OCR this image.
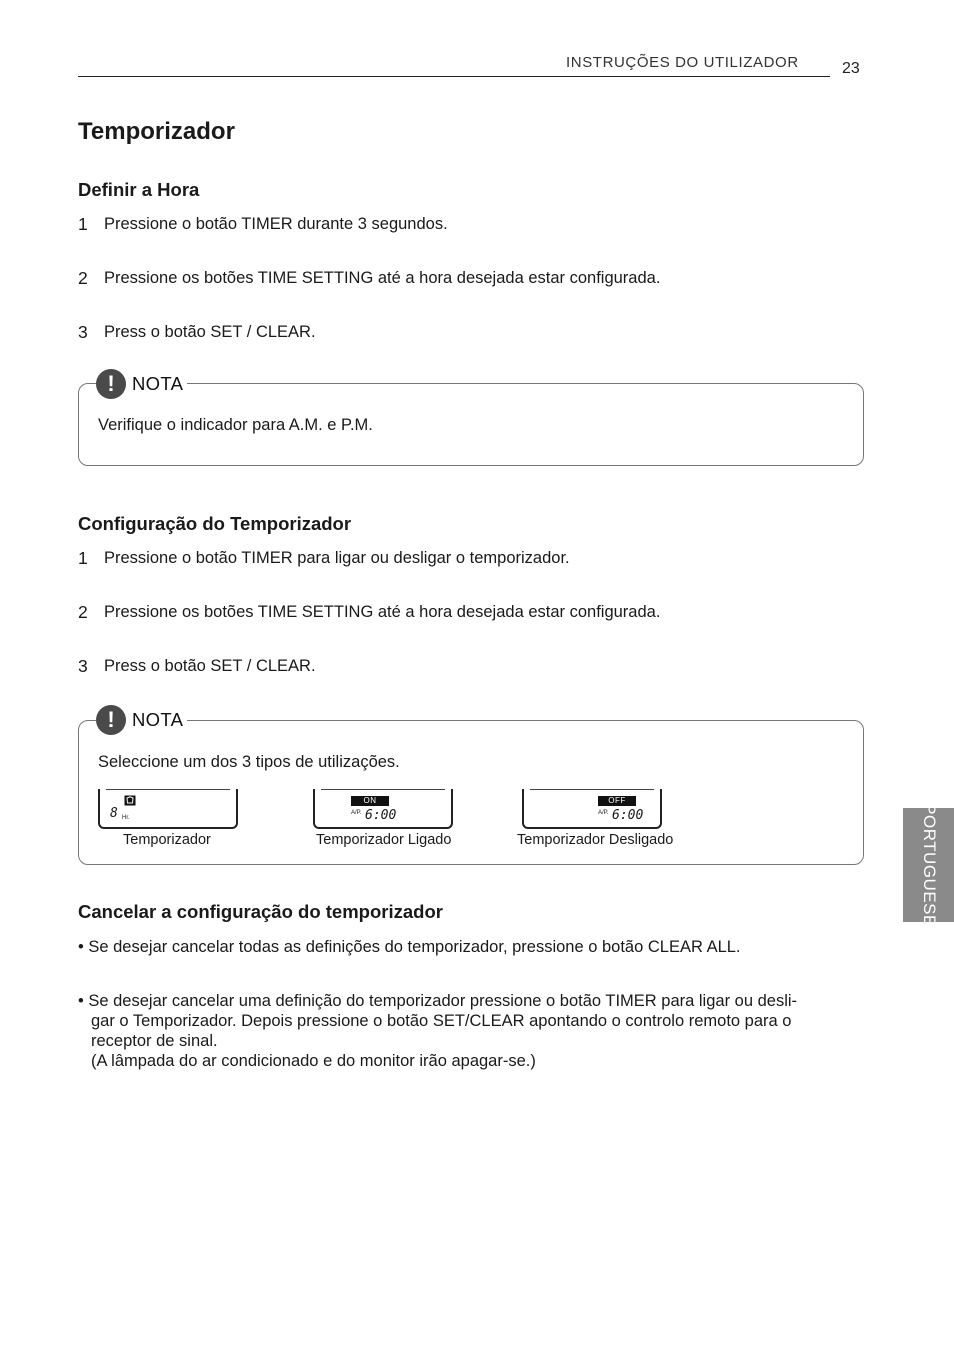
INSTRUÇÕES DO UTILIZADOR	23
Temporizador
Definir a Hora
1 Pressione o botão TIMER durante 3 segundos.
2 Pressione os botões TIME SETTING até a hora desejada estar configurada.
3 Press o botão SET / CLEAR.
! NOTA
Verifique o indicador para A.M. e P.M.
Configuração do Temporizador
1 Pressione o botão TIMER para ligar ou desligar o temporizador.
2 Pressione os botões TIME SETTING até a hora desejada estar configurada.
3 Press o botão SET / CLEAR.
! NOTA
Seleccione um dos 3 tipos de utilizações.
8 Hr.
Temporizador
ON
A/P. 6:00
Temporizador Ligado
OFF
A/P. 6:00
Temporizador Desligado
Cancelar a configuração do temporizador
• Se desejar cancelar todas as definições do temporizador, pressione o botão CLEAR ALL.
• Se desejar cancelar uma definição do temporizador pressione o botão TIMER para ligar ou desli-
gar o Temporizador. Depois pressione o botão SET/CLEAR apontando o controlo remoto para o
receptor de sinal.
(A lâmpada do ar condicionado e do monitor irão apagar-se.)
PORTUGUESE
